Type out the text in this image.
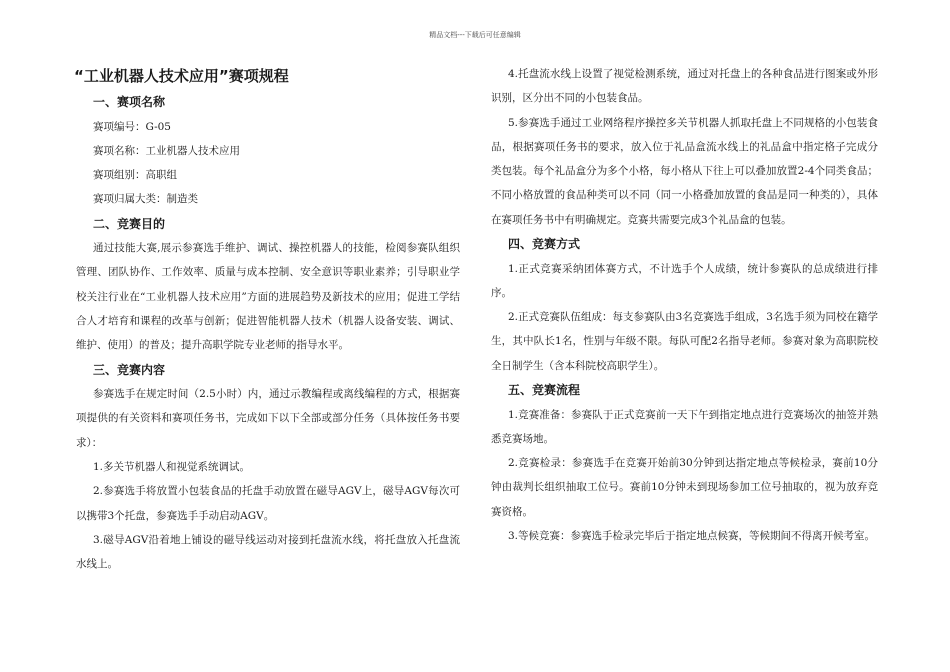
精品文档---下载后可任意编辑
“工业机器人技术应用”赛项规程
一、赛项名称
赛项编号：G-05
赛项名称：工业机器人技术应用
赛项组别：高职组
赛项归属大类：制造类
二、竞赛目的

通过技能大赛,展示参赛选手维护、调试、操控机器人的技能，检阅参赛队组织管理、团队协作、工作效率、质量与成本控制、安全意识等职业素养；引导职业学校关注行业在“工业机器人技术应用”方面的进展趋势及新技术的应用；促进工学结合人才培育和课程的改革与创新；促进智能机器人技术（机器人设备安装、调试、维护、使用）的普及；提升高职学院专业老师的指导水平。

三、竞赛内容

参赛选手在规定时间（2.5小时）内，通过示教编程或离线编程的方式，根据赛项提供的有关资料和赛项任务书，完成如下以下全部或部分任务（具体按任务书要求）：

1.多关节机器人和视觉系统调试。

2.参赛选手将放置小包装食品的托盘手动放置在磁导AGV上，磁导AGV每次可以携带3个托盘，参赛选手手动启动AGV。

3.磁导AGV沿着地上铺设的磁导线运动对接到托盘流水线，将托盘放入托盘流水线上。

4.托盘流水线上设置了视觉检测系统，通过对托盘上的各种食品进行图案或外形识别，区分出不同的小包装食品。

5.参赛选手通过工业网络程序操控多关节机器人抓取托盘上不同规格的小包装食品，根据赛项任务书的要求，放入位于礼品盒流水线上的礼品盒中指定格子完成分类包装。每个礼品盒分为多个小格，每小格从下往上可以叠加放置2-4个同类食品；不同小格放置的食品种类可以不同（同一小格叠加放置的食品是同一种类的），具体在赛项任务书中有明确规定。竞赛共需要完成3个礼品盒的包装。

四、竞赛方式

1.正式竞赛采纳团体赛方式，不计选手个人成绩，统计参赛队的总成绩进行排序。

2.正式竞赛队伍组成：每支参赛队由3名竞赛选手组成，3名选手须为同校在籍学生，其中队长1名，性别与年级不限。每队可配2名指导老师。参赛对象为高职院校全日制学生（含本科院校高职学生）。

五、竞赛流程

1.竞赛准备：参赛队于正式竞赛前一天下午到指定地点进行竞赛场次的抽签并熟悉竞赛场地。

2.竞赛检录：参赛选手在竞赛开始前30分钟到达指定地点等候检录，赛前10分钟由裁判长组织抽取工位号。赛前10分钟未到现场参加工位号抽取的，视为放弃竞赛资格。

3.等候竞赛：参赛选手检录完毕后于指定地点候赛，等候期间不得离开候考室。
